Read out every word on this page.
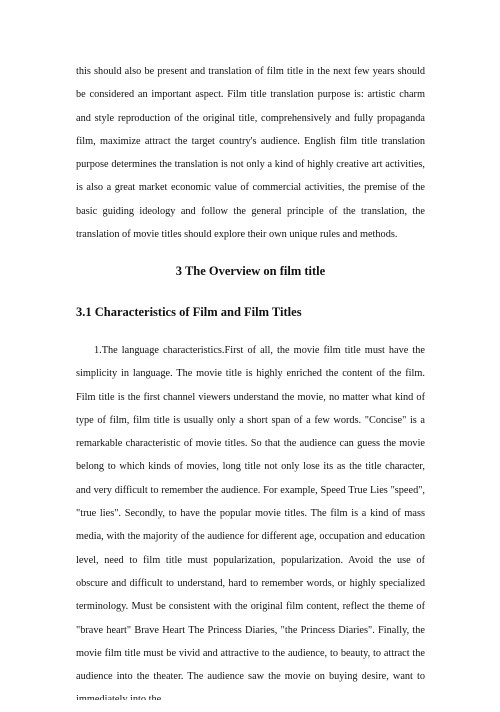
this should also be present and translation of film title in the next few years should be considered an important aspect. Film title translation purpose is: artistic charm and style reproduction of the original title, comprehensively and fully propaganda film, maximize attract the target country's audience. English film title translation purpose determines the translation is not only a kind of highly creative art activities, is also a great market economic value of commercial activities, the premise of the basic guiding ideology and follow the general principle of the translation, the translation of movie titles should explore their own unique rules and methods.

3 The Overview on film title
3.1 Characteristics of Film and Film Titles

1.The language characteristics.First of all, the movie film title must have the simplicity in language. The movie title is highly enriched the content of the film. Film title is the first channel viewers understand the movie, no matter what kind of type of film, film title is usually only a short span of a few words. "Concise" is a remarkable characteristic of movie titles. So that the audience can guess the movie belong to which kinds of movies, long title not only lose its as the title character, and very difficult to remember the audience. For example, Speed True Lies "speed", "true lies". Secondly, to have the popular movie titles. The film is a kind of mass media, with the majority of the audience for different age, occupation and education level, need to film title must popularization, popularization. Avoid the use of obscure and difficult to understand, hard to remember words, or highly specialized terminology. Must be consistent with the original film content, reflect the theme of "brave heart" Brave Heart The Princess Diaries, "the Princess Diaries". Finally, the movie film title must be vivid and attractive to the audience, to beauty, to attract the audience into the theater. The audience saw the movie on buying desire, want to
